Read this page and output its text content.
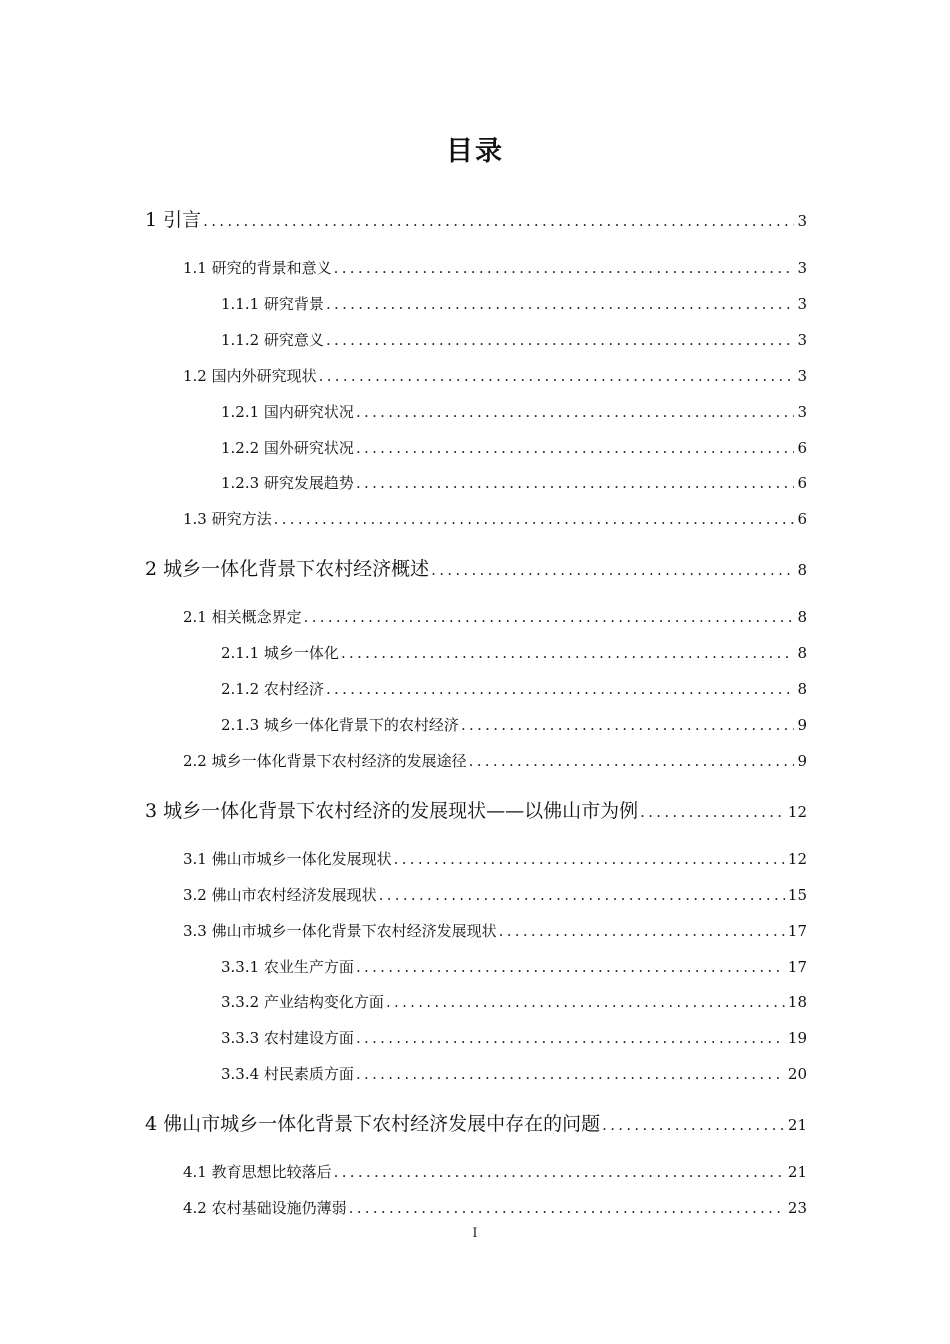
目录
1 引言 .....	3
1.1 研究的背景和意义 .....	3
1.1.1 研究背景 .....	3
1.1.2 研究意义 .....	3
1.2 国内外研究现状 .....	3
1.2.1 国内研究状况 .....	3
1.2.2 国外研究状况 .....	6
1.2.3 研究发展趋势 .....	6
1.3 研究方法 .....	6
2 城乡一体化背景下农村经济概述 .....	8
2.1 相关概念界定 .....	8
2.1.1 城乡一体化 .....	8
2.1.2 农村经济 .....	8
2.1.3 城乡一体化背景下的农村经济 .....	9
2.2 城乡一体化背景下农村经济的发展途径 .....	9
3 城乡一体化背景下农村经济的发展现状——以佛山市为例 .....	12
3.1 佛山市城乡一体化发展现状 .....	12
3.2 佛山市农村经济发展现状 .....	15
3.3 佛山市城乡一体化背景下农村经济发展现状 .....	17
3.3.1 农业生产方面 .....	17
3.3.2 产业结构变化方面 .....	18
3.3.3 农村建设方面 .....	19
3.3.4 村民素质方面 .....	20
4 佛山市城乡一体化背景下农村经济发展中存在的问题 .....	21
4.1 教育思想比较落后 .....	21
4.2 农村基础设施仍薄弱 .....	23
I
